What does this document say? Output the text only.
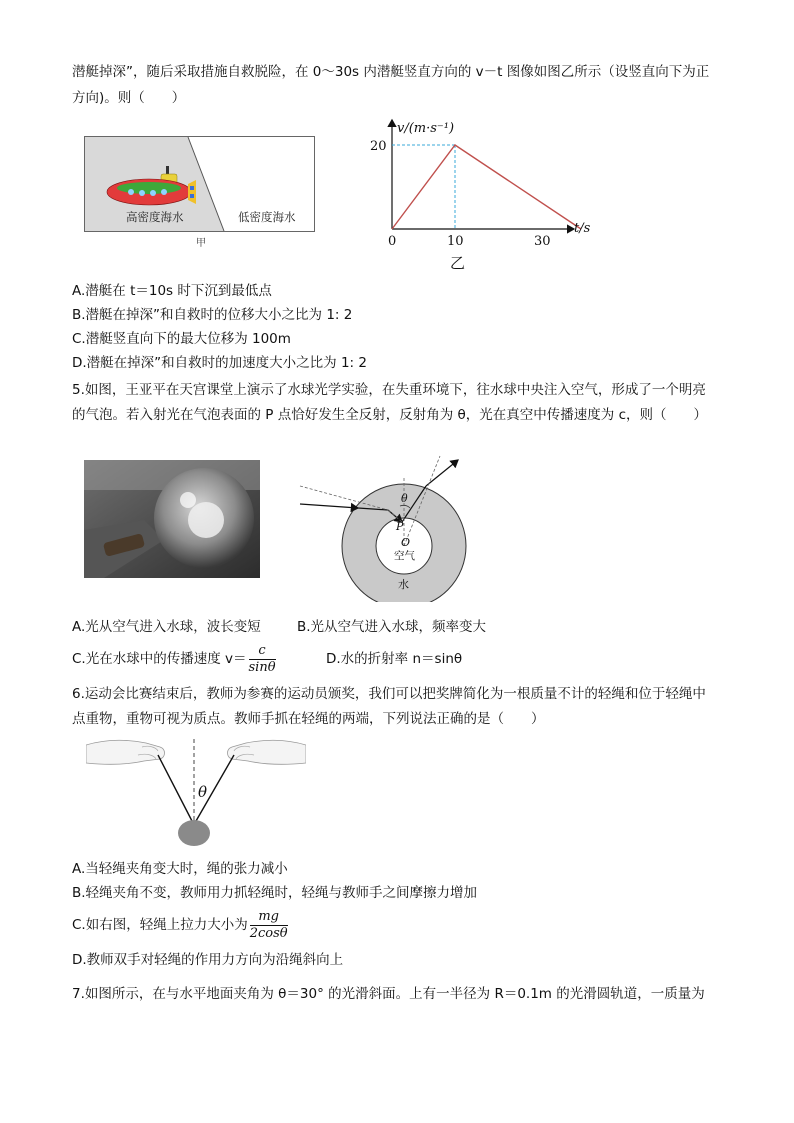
潜艇掉深”，随后采取措施自救脱险，在 0～30s 内潜艇竖直方向的 v－t 图像如图乙所示（设竖直向下为正
方向)。则（　　）
高密度海水	低密度海水
甲
v/(m·s⁻¹)
t/s
20
0	10	30
乙
A.潜艇在 t＝10s 时下沉到最低点
B.潜艇在掉深”和自救时的位移大小之比为 1: 2
C.潜艇竖直向下的最大位移为 100m
D.潜艇在掉深”和自救时的加速度大小之比为 1: 2
5.如图，王亚平在天宫课堂上演示了水球光学实验，在失重环境下，往水球中央注入空气，形成了一个明亮
的气泡。若入射光在气泡表面的 P 点恰好发生全反射，反射角为 θ，光在真空中传播速度为 c，则（　　）
θ
P
O
空气
水
A.光从空气进入水球，波长变短	B.光从空气进入水球，频率变大
C.光在水球中的传播速度 $v= \frac{c}{\sin\theta}$	D.水的折射率 n＝sinθ
6.运动会比赛结束后，教师为参赛的运动员颁奖，我们可以把奖牌简化为一根质量不计的轻绳和位于轻绳中
点重物，重物可视为质点。教师手抓在轻绳的两端，下列说法正确的是（　　）
θ
A.当轻绳夹角变大时，绳的张力减小
B.轻绳夹角不变，教师用力抓轻绳时，轻绳与教师手之间摩擦力增加
C.如右图，轻绳上拉力大小为 $\frac{mg}{2\cos\theta}$
D.教师双手对轻绳的作用力方向为沿绳斜向上
7.如图所示，在与水平地面夹角为 θ＝30° 的光滑斜面。上有一半径为 R＝0.1m 的光滑圆轨道，一质量为
